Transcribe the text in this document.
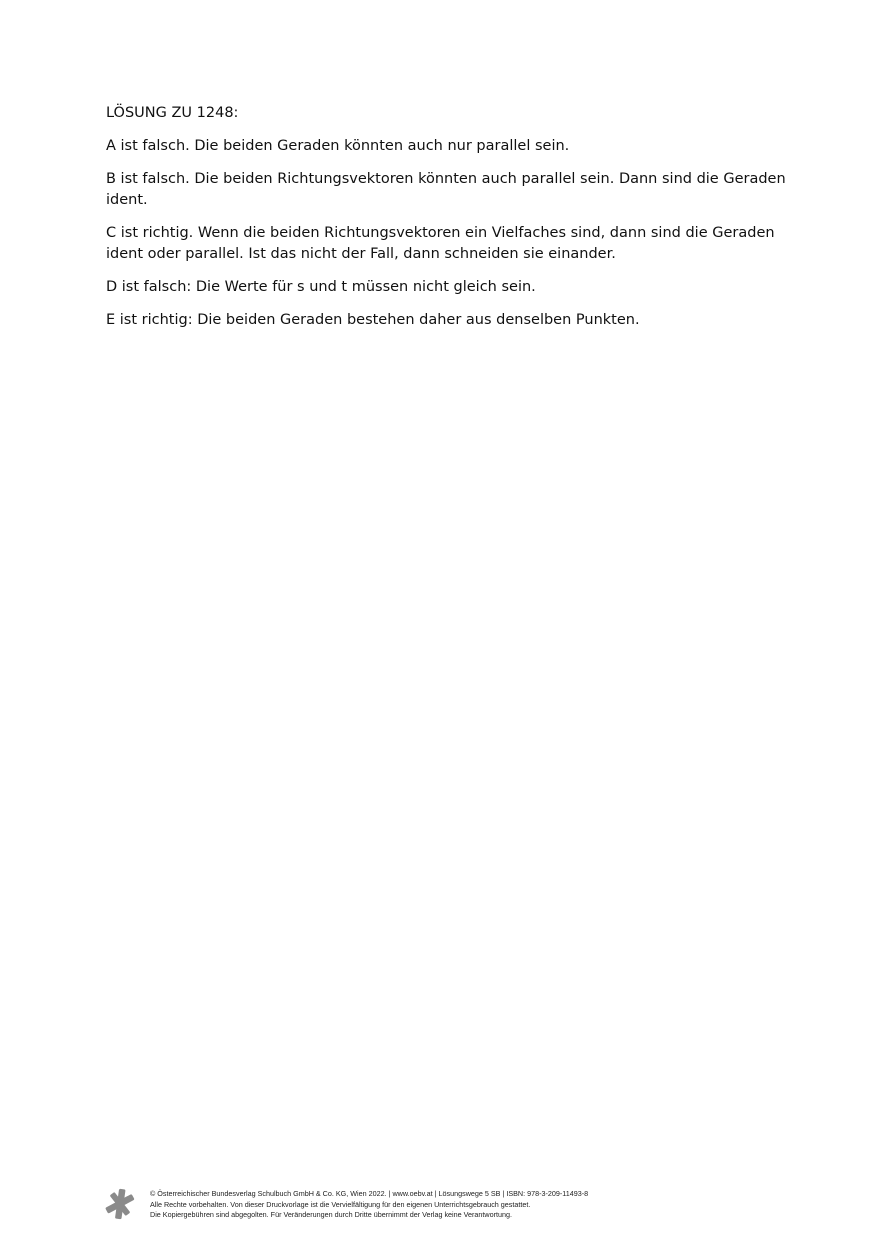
LÖSUNG ZU 1248:

A ist falsch. Die beiden Geraden könnten auch nur parallel sein.

B ist falsch. Die beiden Richtungsvektoren könnten auch parallel sein. Dann sind die Geraden ident.

C ist richtig. Wenn die beiden Richtungsvektoren ein Vielfaches sind, dann sind die Geraden ident oder parallel. Ist das nicht der Fall, dann schneiden sie einander.

D ist falsch: Die Werte für s und t müssen nicht gleich sein.

E ist richtig: Die beiden Geraden bestehen daher aus denselben Punkten.

© Österreichischer Bundesverlag Schulbuch GmbH & Co. KG, Wien 2022. | www.oebv.at | Lösungswege 5 SB | ISBN: 978-3-209-11493-8
Alle Rechte vorbehalten. Von dieser Druckvorlage ist die Vervielfältigung für den eigenen Unterrichtsgebrauch gestattet.
Die Kopiergebühren sind abgegolten. Für Veränderungen durch Dritte übernimmt der Verlag keine Verantwortung.
